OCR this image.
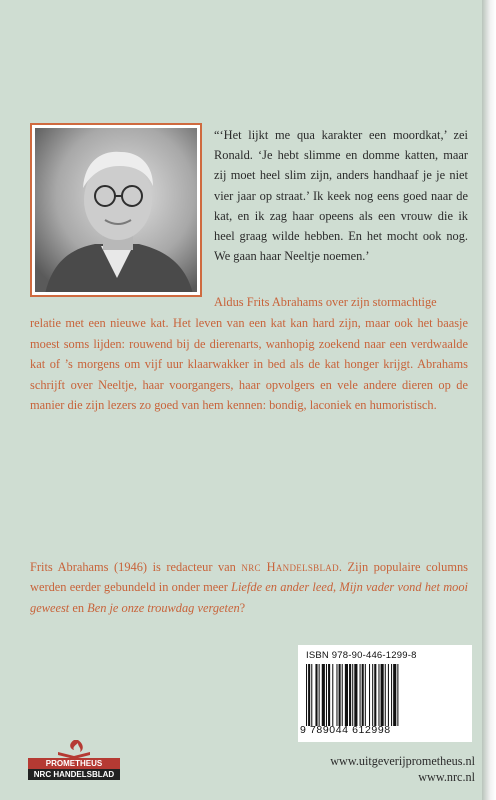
“‘Het lijkt me qua karakter een moordkat,’ zei Ronald. ‘Je hebt slimme en domme katten, maar zij moet heel slim zijn, anders handhaaf je je niet vier jaar op straat.’ Ik keek nog eens goed naar de kat, en ik zag haar opeens als een vrouw die ik heel graag wilde hebben. En het mocht ook nog. We gaan haar Neeltje noemen.’

Aldus Frits Abrahams over zijn stormachtige

relatie met een nieuwe kat. Het leven van een kat kan hard zijn, maar ook het baasje moest soms lijden: rouwend bij de dierenarts, wanhopig zoekend naar een verdwaalde kat of ’s morgens om vijf uur klaarwakker in bed als de kat honger krijgt. Abrahams schrijft over Neeltje, haar voorgangers, haar opvolgers en vele andere dieren op de manier die zijn lezers zo goed van hem kennen: bondig, laconiek en humoristisch.

Frits Abrahams (1946) is redacteur van nrc Handelsblad. Zijn populaire columns werden eerder gebundeld in onder meer Liefde en ander leed, Mijn vader vond het mooi geweest en Ben je onze trouwdag vergeten?

ISBN 978-90-446-1299-8
9 789044 612998
PROMETHEUS
NRC HANDELSBLAD
www.uitgeverijprometheus.nl
www.nrc.nl
